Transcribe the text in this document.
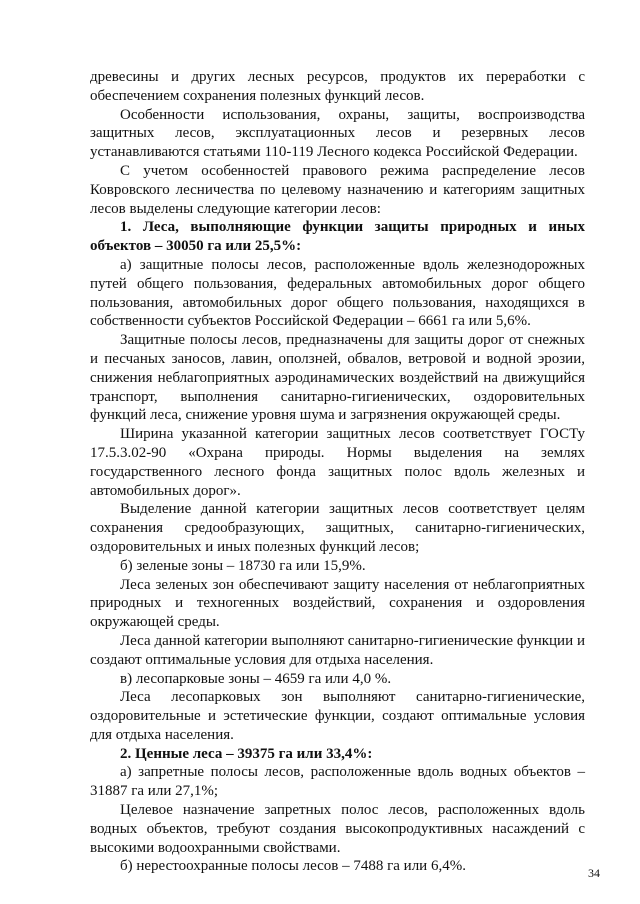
древесины и других лесных ресурсов, продуктов их переработки с обеспечением сохранения полезных функций лесов.

Особенности использования, охраны, защиты, воспроизводства защитных лесов, эксплуатационных лесов и резервных лесов устанавливаются статьями 110-119 Лесного кодекса Российской Федерации.

С учетом особенностей правового режима распределение лесов Ковровского лесничества по целевому назначению и категориям защитных лесов выделены следующие категории лесов:

1. Леса, выполняющие функции защиты природных и иных объектов – 30050 га или 25,5%:

а) защитные полосы лесов, расположенные вдоль железнодорожных путей общего пользования, федеральных автомобильных дорог общего пользования, автомобильных дорог общего пользования, находящихся в собственности субъектов Российской Федерации – 6661 га или 5,6%.

Защитные полосы лесов, предназначены для защиты дорог от снежных и песчаных заносов, лавин, оползней, обвалов, ветровой и водной эрозии, снижения неблагоприятных аэродинамических воздействий на движущийся транспорт, выполнения санитарно-гигиенических, оздоровительных функций леса, снижение уровня шума и загрязнения окружающей среды.

Ширина указанной категории защитных лесов соответствует ГОСТу 17.5.3.02-90 «Охрана природы. Нормы выделения на землях государственного лесного фонда защитных полос вдоль железных и автомобильных дорог».

Выделение данной категории защитных лесов соответствует целям сохранения средообразующих, защитных, санитарно-гигиенических, оздоровительных и иных полезных функций лесов;

б) зеленые зоны – 18730 га или 15,9%.

Леса зеленых зон обеспечивают защиту населения от неблагоприятных природных и техногенных воздействий, сохранения и оздоровления окружающей среды.

Леса данной категории выполняют санитарно-гигиенические функции и создают оптимальные условия для отдыха населения.

в) лесопарковые зоны – 4659 га или 4,0 %.

Леса лесопарковых зон выполняют санитарно-гигиенические, оздоровительные и эстетические функции, создают оптимальные условия для отдыха населения.

2. Ценные леса – 39375 га или 33,4%:

а) запретные полосы лесов, расположенные вдоль водных объектов – 31887 га или 27,1%;

Целевое назначение запретных полос лесов, расположенных вдоль водных объектов, требуют создания высокопродуктивных насаждений с высокими водоохранными свойствами.

б) нерестоохранные полосы лесов – 7488 га или 6,4%.	34
